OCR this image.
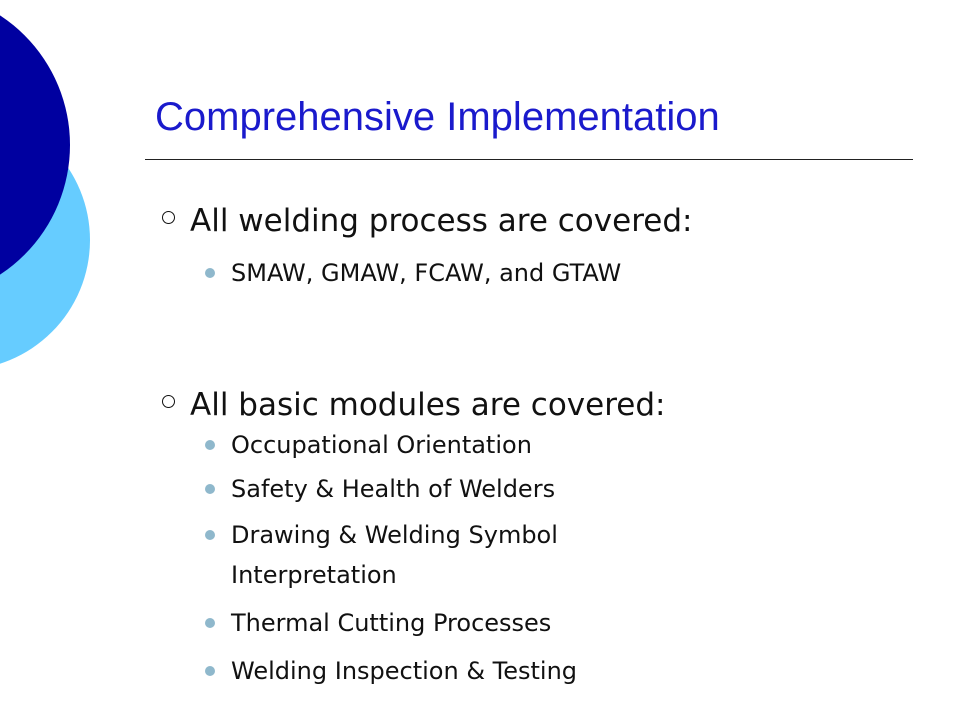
Comprehensive Implementation
All welding process are covered:
SMAW, GMAW, FCAW, and GTAW
All basic modules are covered:
Occupational Orientation
Safety & Health of Welders
Drawing & Welding Symbol
Interpretation
Thermal Cutting Processes
Welding Inspection & Testing
